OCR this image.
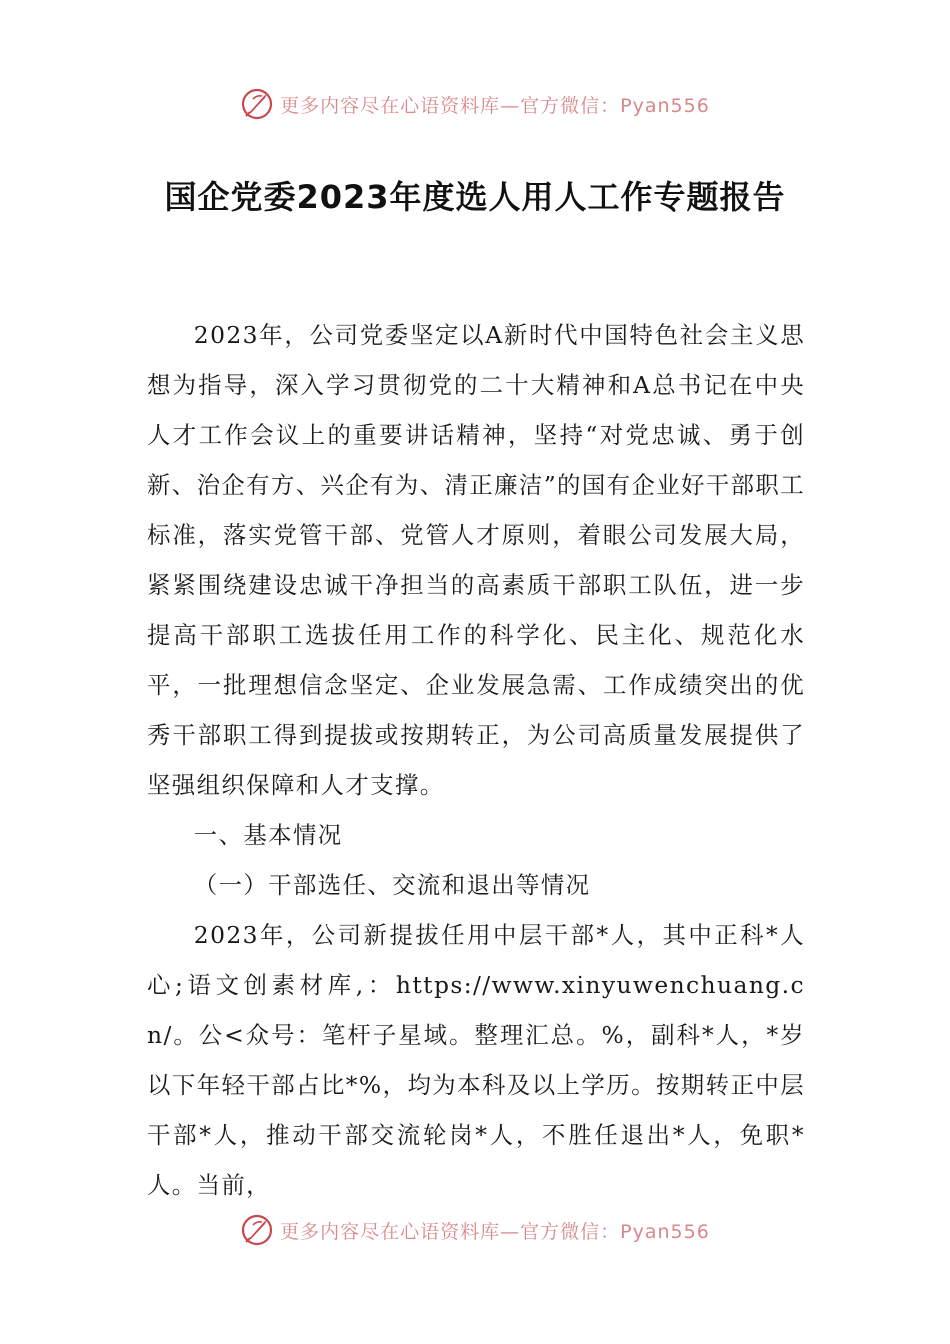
更多内容尽在心语资料库—官方微信：Pyan556
国企党委2023年度选人用人工作专题报告

2023年，公司党委坚定以A新时代中国特色社会主义思想为指导，深入学习贯彻党的二十大精神和A总书记在中央人才工作会议上的重要讲话精神，坚持“对党忠诚、勇于创新、治企有方、兴企有为、清正廉洁”的国有企业好干部职工标准，落实党管干部、党管人才原则，着眼公司发展大局，紧紧围绕建设忠诚干净担当的高素质干部职工队伍，进一步提高干部职工选拔任用工作的科学化、民主化、规范化水平，一批理想信念坚定、企业发展急需、工作成绩突出的优秀干部职工得到提拔或按期转正，为公司高质量发展提供了坚强组织保障和人才支撑。

一、基本情况

（一）干部选任、交流和退出等情况

2023年，公司新提拔任用中层干部*人，其中正科*人心;语文创素材库,：https://www.xinyuwenchuang.cn/。公<众号：笔杆子星域。整理汇总。%，副科*人，*岁以下年轻干部占比*%，均为本科及以上学历。按期转正中层干部*人，推动干部交流轮岗*人，不胜任退出*人，免职*人。当前，

更多内容尽在心语资料库—官方微信：Pyan556
